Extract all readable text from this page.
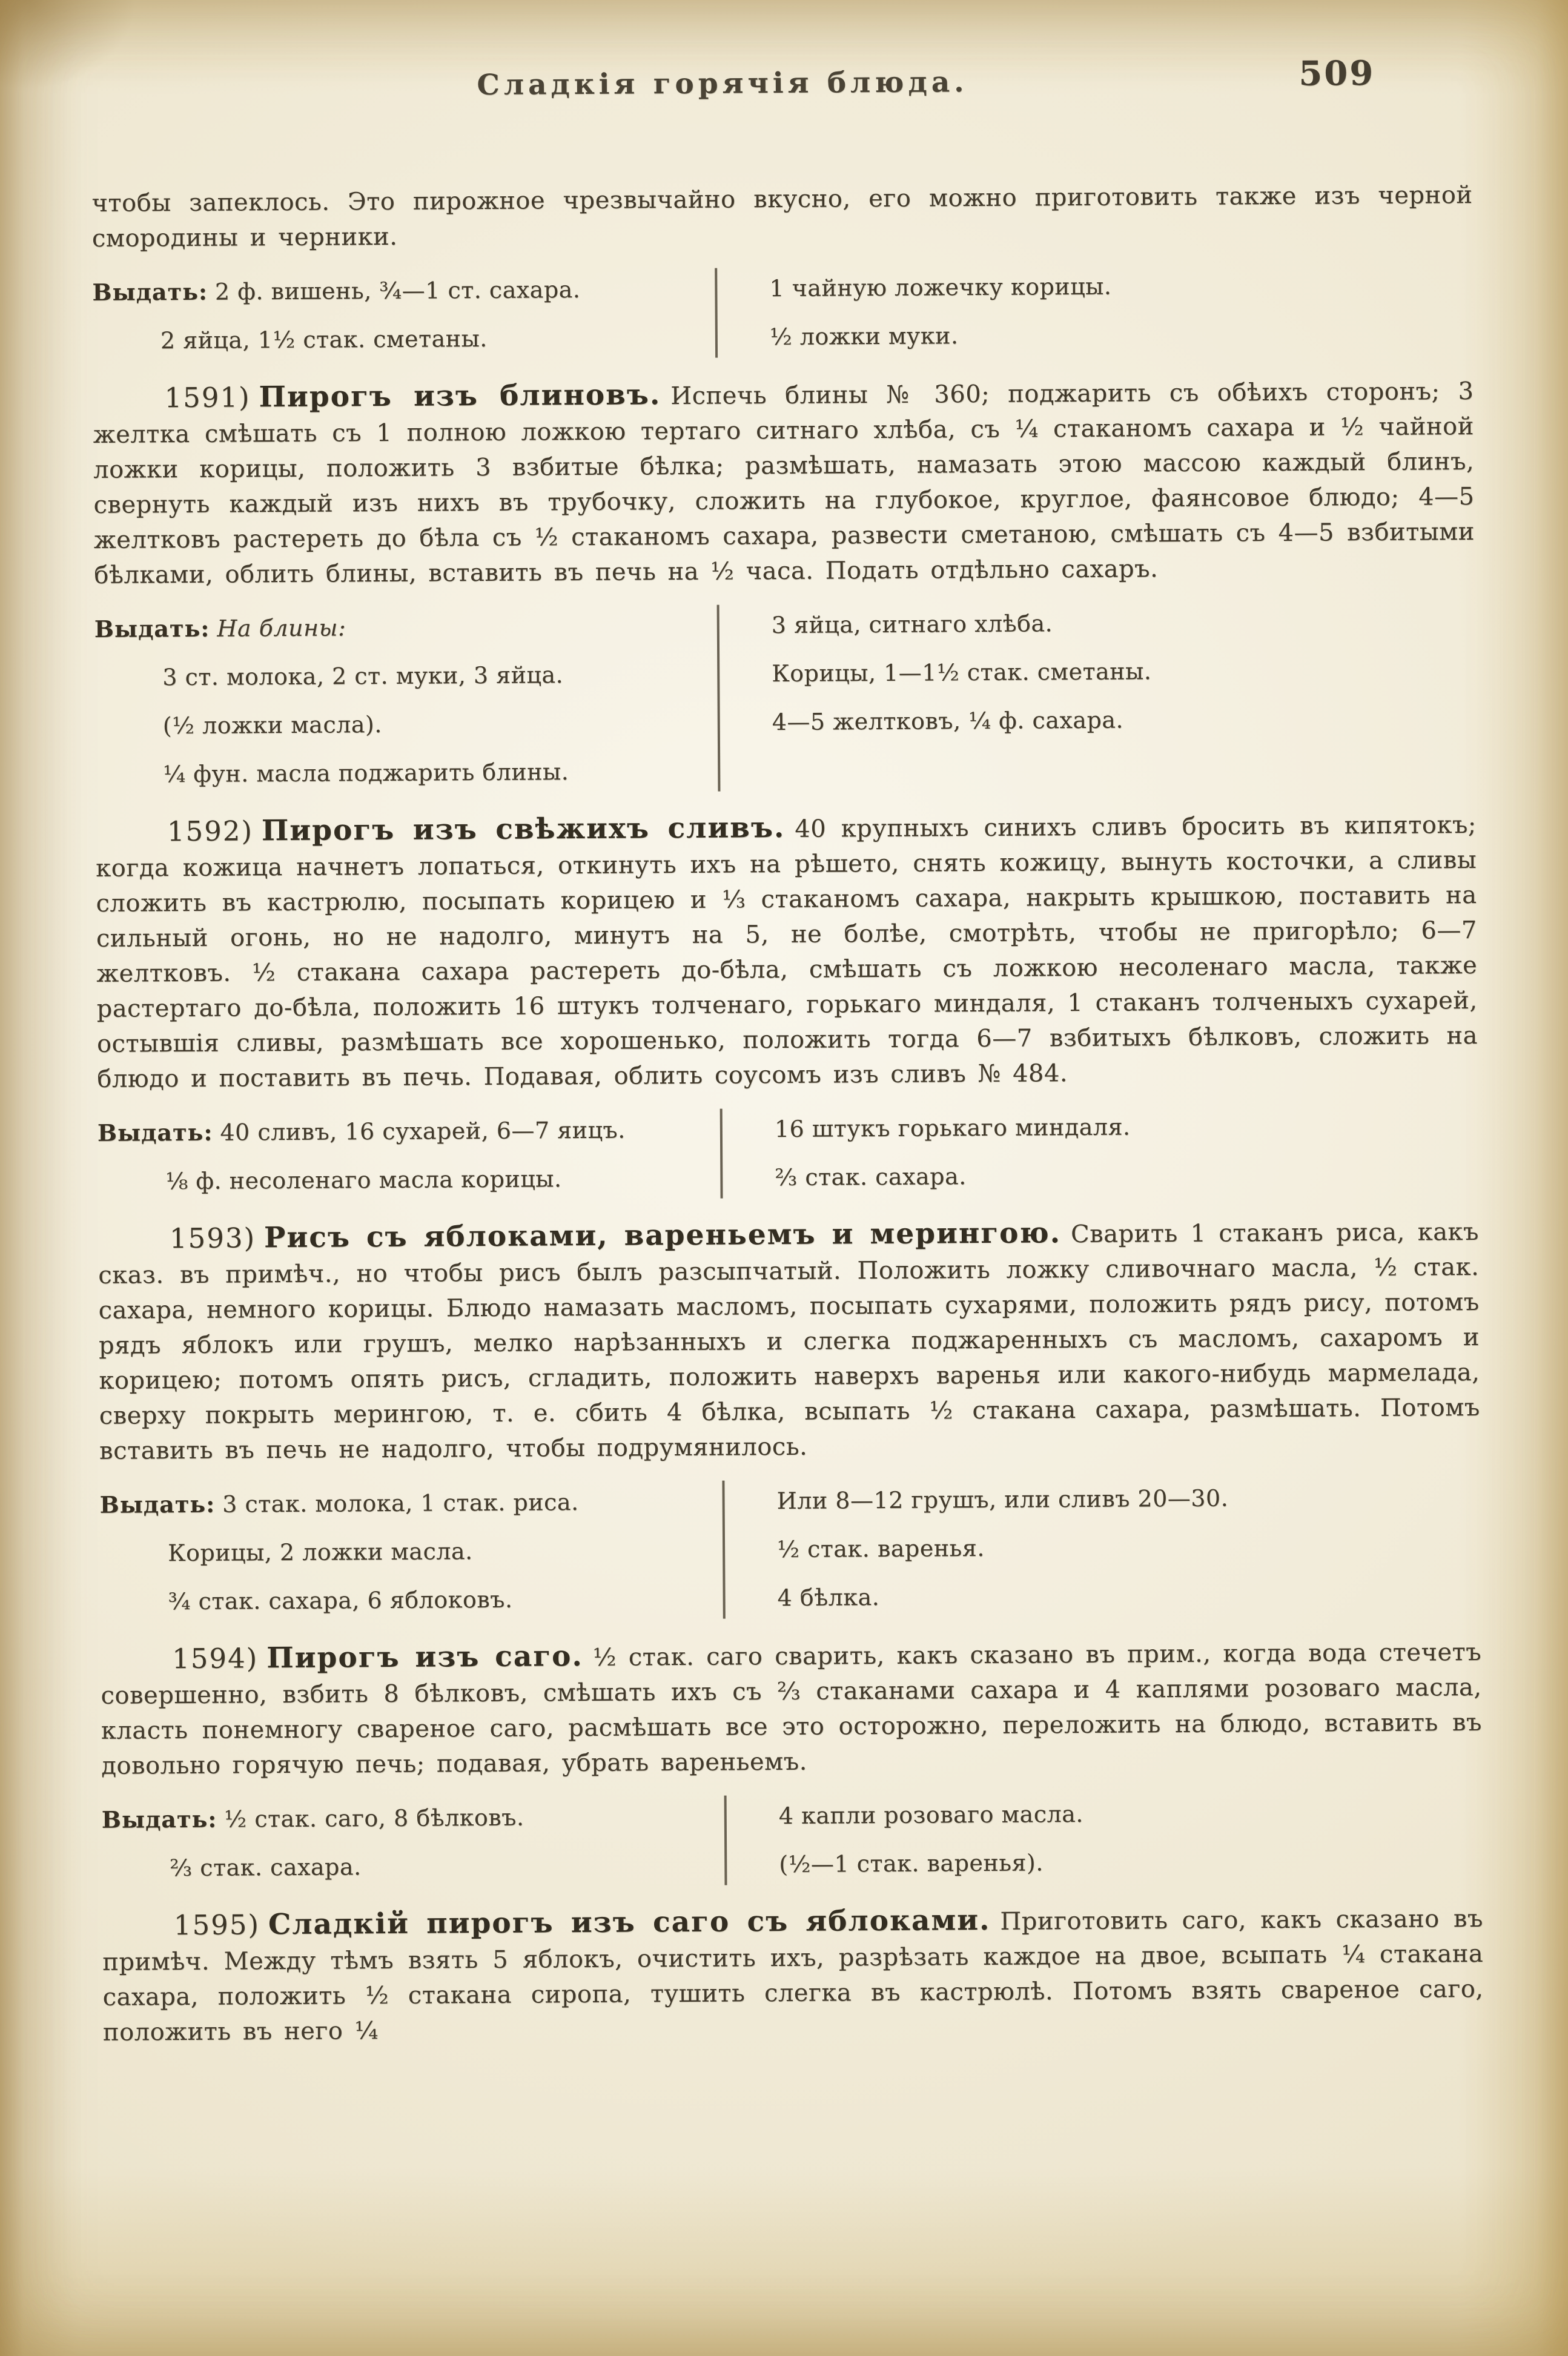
Сладкія горячія блюда.	509

чтобы запеклось. Это пирожное чрезвычайно вкусно, его можно приготовить также изъ черной смородины и черники.

Выдать: 2 ф. вишень, ¾—1 ст. сахара.
2 яйца, 1½ стак. сметаны.
1 чайную ложечку корицы.
½ ложки муки.

1591) Пирогъ изъ блиновъ. Испечь блины № 360; поджарить съ обѣихъ сторонъ; 3 желтка смѣшать съ 1 полною ложкою тертаго ситнаго хлѣба, съ ¼ стаканомъ сахара и ½ чайной ложки корицы, положить 3 взбитые бѣлка; размѣшать, намазать этою массою каждый блинъ, свернуть каждый изъ нихъ въ трубочку, сложить на глубокое, круглое, фаянсовое блюдо; 4—5 желтковъ растереть до бѣла съ ½ стаканомъ сахара, развести сметаною, смѣшать съ 4—5 взбитыми бѣлками, облить блины, вставить въ печь на ½ часа. Подать отдѣльно сахаръ.

Выдать: На блины:
3 ст. молока, 2 ст. муки, 3 яйца.
(½ ложки масла).
¼ фун. масла поджарить блины.
3 яйца, ситнаго хлѣба.
Корицы, 1—1½ стак. сметаны.
4—5 желтковъ, ¼ ф. сахара.

1592) Пирогъ изъ свѣжихъ сливъ. 40 крупныхъ синихъ сливъ бросить въ кипятокъ; когда кожица начнетъ лопаться, откинуть ихъ на рѣшето, снять кожицу, вынуть косточки, а сливы сложить въ кастрюлю, посыпать корицею и ⅓ стаканомъ сахара, накрыть крышкою, поставить на сильный огонь, но не надолго, минутъ на 5, не болѣе, смотрѣть, чтобы не пригорѣло; 6—7 желтковъ. ½ стакана сахара растереть до-бѣла, смѣшать съ ложкою несоленаго масла, также растертаго до-бѣла, положить 16 штукъ толченаго, горькаго миндаля, 1 стаканъ толченыхъ сухарей, остывшія сливы, размѣшать все хорошенько, положить тогда 6—7 взбитыхъ бѣлковъ, сложить на блюдо и поставить въ печь. Подавая, облить соусомъ изъ сливъ № 484.

Выдать: 40 сливъ, 16 сухарей, 6—7 яицъ.
⅛ ф. несоленаго масла корицы.
16 штукъ горькаго миндаля.
⅔ стак. сахара.

1593) Рисъ съ яблоками, вареньемъ и мерингою. Сварить 1 стаканъ риса, какъ сказ. въ примѣч., но чтобы рисъ былъ разсыпчатый. Положить ложку сливочнаго масла, ½ стак. сахара, немного корицы. Блюдо намазать масломъ, посыпать сухарями, положить рядъ рису, потомъ рядъ яблокъ или грушъ, мелко нарѣзанныхъ и слегка поджаренныхъ съ масломъ, сахаромъ и корицею; потомъ опять рисъ, сгладить, положить наверхъ варенья или какого-нибудь мармелада, сверху покрыть мерингою, т. е. сбить 4 бѣлка, всыпать ½ стакана сахара, размѣшать. Потомъ вставить въ печь не надолго, чтобы подрумянилось.

Выдать: 3 стак. молока, 1 стак. риса.
Корицы, 2 ложки масла.
¾ стак. сахара, 6 яблоковъ.
Или 8—12 грушъ, или сливъ 20—30.
½ стак. варенья.
4 бѣлка.

1594) Пирогъ изъ саго. ½ стак. саго сварить, какъ сказано въ прим., когда вода стечетъ совершенно, взбить 8 бѣлковъ, смѣшать ихъ съ ⅔ стаканами сахара и 4 каплями розоваго масла, класть понемногу свареное саго, расмѣшать все это осторожно, переложить на блюдо, вставить въ довольно горячую печь; подавая, убрать вареньемъ.

Выдать: ½ стак. саго, 8 бѣлковъ.
⅔ стак. сахара.
4 капли розоваго масла.
(½—1 стак. варенья).

1595) Сладкій пирогъ изъ саго съ яблоками. Приготовить саго, какъ сказано въ примѣч. Между тѣмъ взять 5 яблокъ, очистить ихъ, разрѣзать каждое на двое, всыпать ¼ стакана сахара, положить ½ стакана сиропа, тушить слегка въ кастрюлѣ. Потомъ взять свареное саго, положить въ него ¼
